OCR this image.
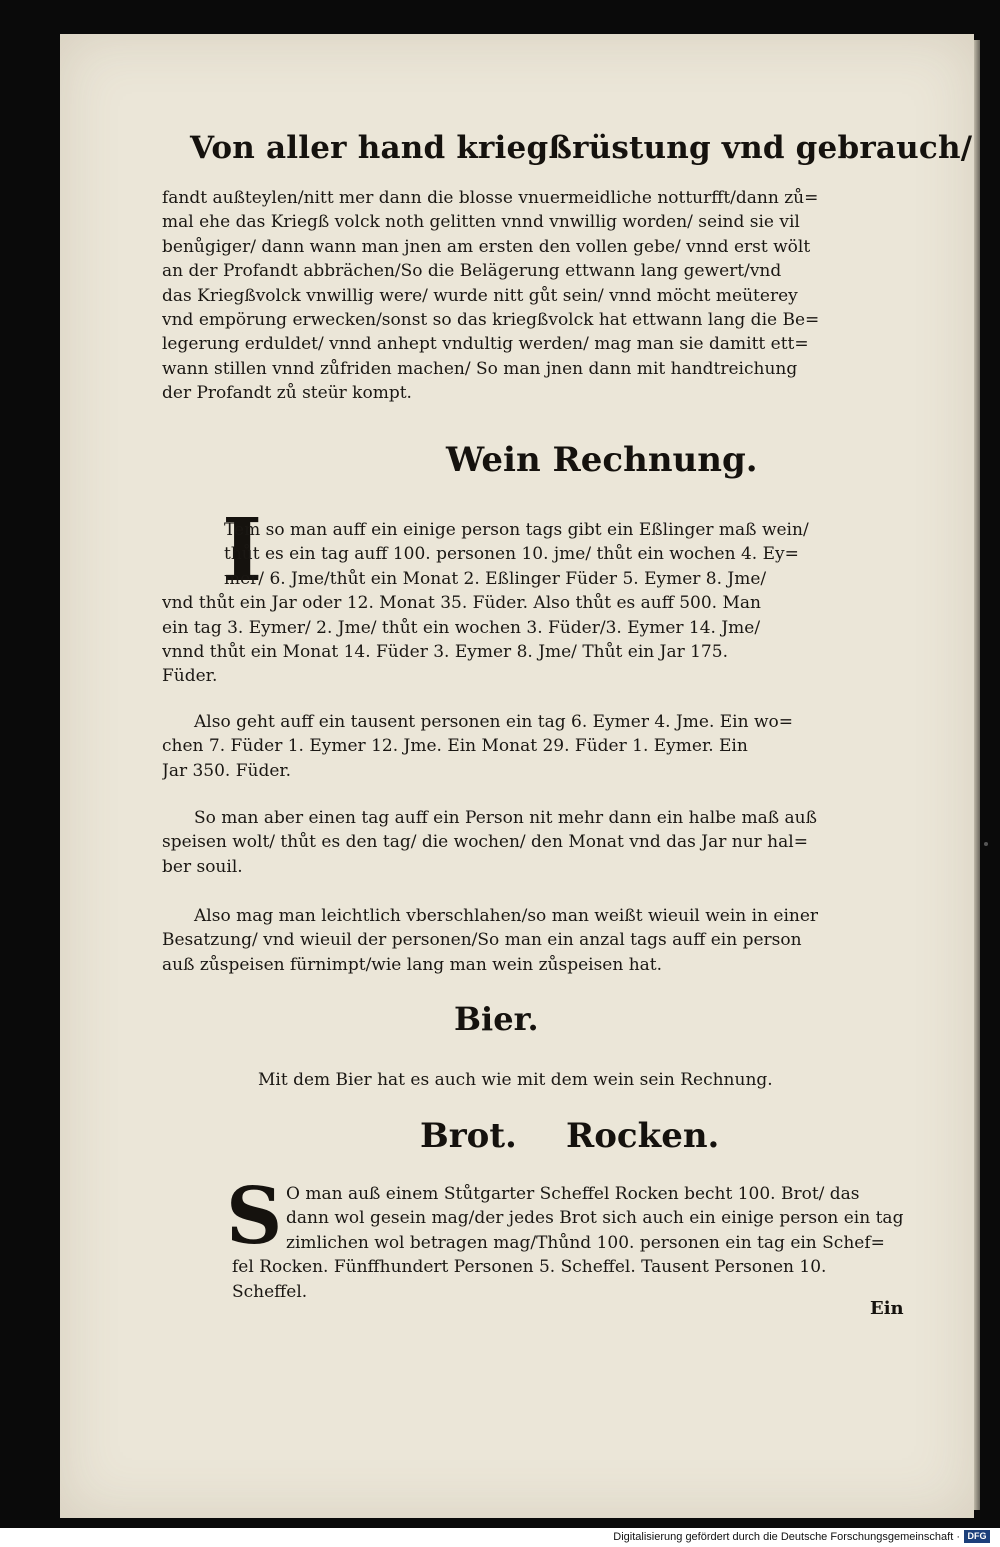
Von aller hand kriegßrüstung vnd gebrauch/

fandt außteylen/nitt mer dann die blosse vnuermeidliche notturfft/dann zů=
mal ehe das Kriegß volck noth gelitten vnnd vnwillig worden/ seind sie vil
benůgiger/ dann wann man jnen am ersten den vollen gebe/ vnnd erst wölt
an der Profandt abbrächen/So die Belägerung ettwann lang gewert/vnd
das Kriegßvolck vnwillig were/ wurde nitt gůt sein/ vnnd möcht meüterey
vnd empörung erwecken/sonst so das kriegßvolck hat ettwann lang die Be=
legerung erduldet/ vnnd anhept vndultig werden/ mag man sie damitt ett=
wann stillen vnnd zůfriden machen/ So man jnen dann mit handtreichung
der Profandt zů steür kompt.

Wein Rechnung.
I

Tem so man auff ein einige person tags gibt ein Eßlinger maß wein/
thůt es ein tag auff 100. personen 10. jme/ thůt ein wochen 4. Ey=
mer/ 6. Jme/thůt ein Monat 2. Eßlinger Füder 5. Eymer 8. Jme/
vnd thůt ein Jar oder 12. Monat 35. Füder. Also thůt es auff 500. Man
ein tag 3. Eymer/ 2. Jme/ thůt ein wochen 3. Füder/3. Eymer 14. Jme/
vnnd thůt ein Monat 14. Füder 3. Eymer 8. Jme/ Thůt ein Jar 175.
Füder.

Also geht auff ein tausent personen ein tag 6. Eymer 4. Jme. Ein wo=
chen 7. Füder 1. Eymer 12. Jme. Ein Monat 29. Füder 1. Eymer. Ein
Jar 350. Füder.

So man aber einen tag auff ein Person nit mehr dann ein halbe maß auß
speisen wolt/ thůt es den tag/ die wochen/ den Monat vnd das Jar nur hal=
ber souil.

Also mag man leichtlich vberschlahen/so man weißt wieuil wein in einer
Besatzung/ vnd wieuil der personen/So man ein anzal tags auff ein person
auß zůspeisen fürnimpt/wie lang man wein zůspeisen hat.

Bier.

Mit dem Bier hat es auch wie mit dem wein sein Rechnung.

Brot. Rocken.
S O man auß einem Stůtgarter Scheffel Rocken becht 100. Brot/ das
dann wol gesein mag/der jedes Brot sich auch ein einige person ein tag
zimlichen wol betragen mag/Thůnd 100. personen ein tag ein Schef=
fel Rocken. Fünffhundert Personen 5. Scheffel. Tausent Personen 10.
Scheffel.

Ein
Digitalisierung gefördert durch die Deutsche Forschungsgemeinschaft · DFG
